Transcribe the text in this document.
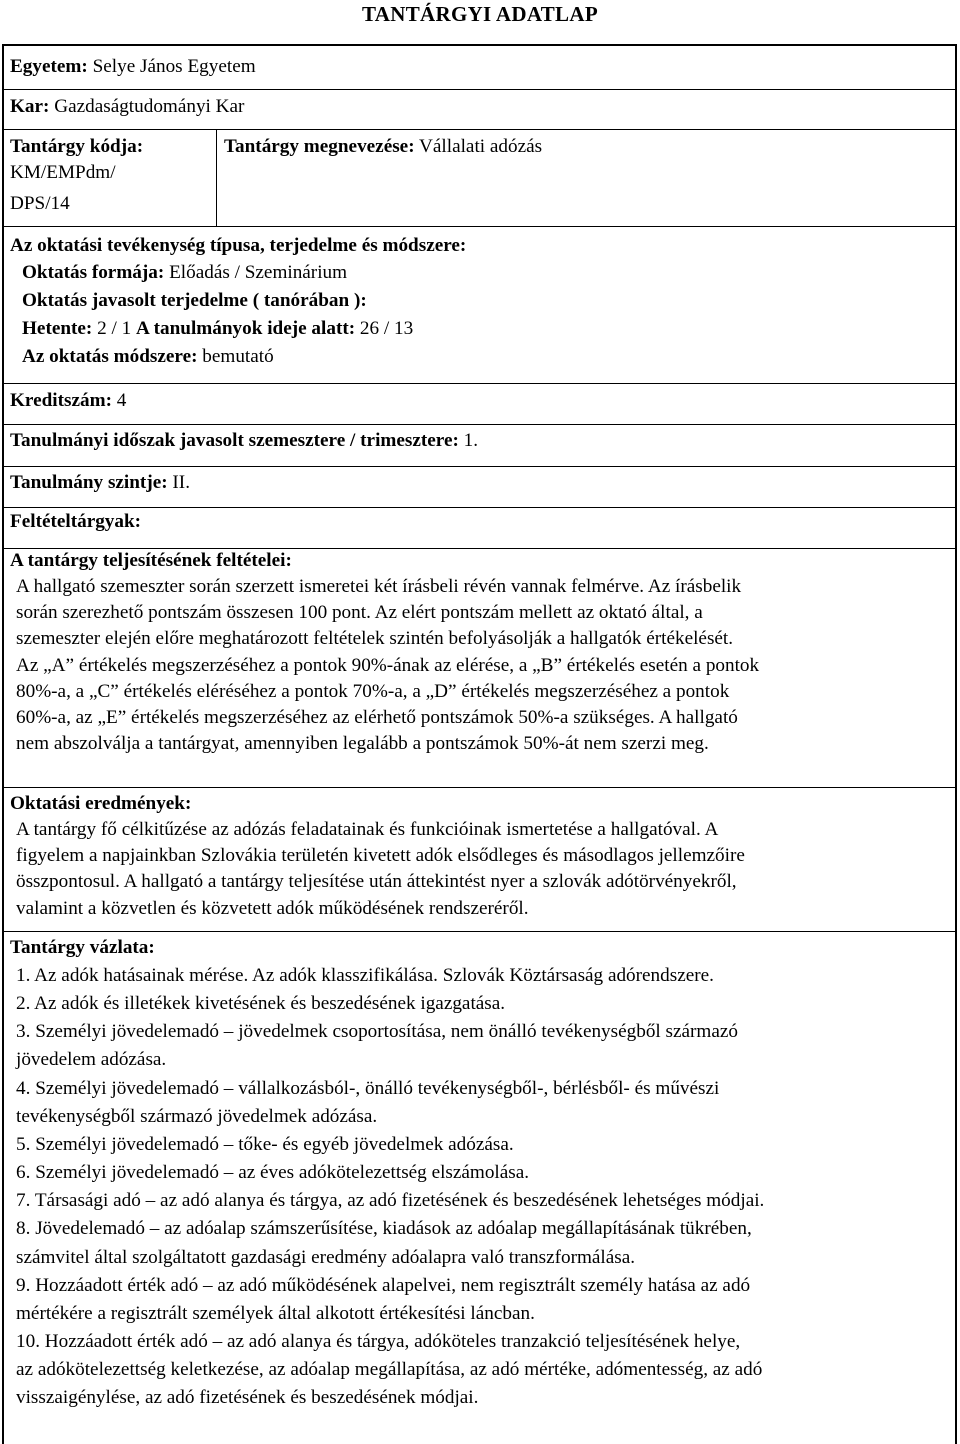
TANTÁRGYI ADATLAP
Egyetem: Selye János Egyetem
Kar: Gazdaságtudományi Kar
Tantárgy kódja:
KM/EMPdm/
DPS/14
Tantárgy megnevezése: Vállalati adózás
Az oktatási tevékenység típusa, terjedelme és módszere:
Oktatás formája: Előadás / Szeminárium
Oktatás javasolt terjedelme ( tanórában ):
Hetente: 2 / 1 A tanulmányok ideje alatt: 26 / 13
Az oktatás módszere: bemutató
Kreditszám: 4
Tanulmányi időszak javasolt szemesztere / trimesztere: 1.
Tanulmány szintje: II.
Feltételtárgyak:
A tantárgy teljesítésének feltételei:
A hallgató szemeszter során szerzett ismeretei két írásbeli révén vannak felmérve. Az írásbelik
során szerezhető pontszám összesen 100 pont. Az elért pontszám mellett az oktató által, a
szemeszter elején előre meghatározott feltételek szintén befolyásolják a hallgatók értékelését.
Az „A” értékelés megszerzéséhez a pontok 90%-ának az elérése, a „B” értékelés esetén a pontok
80%-a, a „C” értékelés eléréséhez a pontok 70%-a, a „D” értékelés megszerzéséhez a pontok
60%-a, az „E” értékelés megszerzéséhez az elérhető pontszámok 50%-a szükséges. A hallgató
nem abszolválja a tantárgyat, amennyiben legalább a pontszámok 50%-át nem szerzi meg.
Oktatási eredmények:
A tantárgy fő célkitűzése az adózás feladatainak és funkcióinak ismertetése a hallgatóval. A
figyelem a napjainkban Szlovákia területén kivetett adók elsődleges és másodlagos jellemzőire
összpontosul. A hallgató a tantárgy teljesítése után áttekintést nyer a szlovák adótörvényekről,
valamint a közvetlen és közvetett adók működésének rendszeréről.
Tantárgy vázlata:
1. Az adók hatásainak mérése. Az adók klasszifikálása. Szlovák Köztársaság adórendszere.
2. Az adók és illetékek kivetésének és beszedésének igazgatása.
3. Személyi jövedelemadó – jövedelmek csoportosítása, nem önálló tevékenységből származó
jövedelem adózása.
4. Személyi jövedelemadó – vállalkozásból-, önálló tevékenységből-, bérlésből- és művészi
tevékenységből származó jövedelmek adózása.
5. Személyi jövedelemadó – tőke- és egyéb jövedelmek adózása.
6. Személyi jövedelemadó – az éves adókötelezettség elszámolása.
7. Társasági adó – az adó alanya és tárgya, az adó fizetésének és beszedésének lehetséges módjai.
8. Jövedelemadó – az adóalap számszerűsítése, kiadások az adóalap megállapításának tükrében,
számvitel által szolgáltatott gazdasági eredmény adóalapra való transzformálása.
9. Hozzáadott érték adó – az adó működésének alapelvei, nem regisztrált személy hatása az adó
mértékére a regisztrált személyek által alkotott értékesítési láncban.
10. Hozzáadott érték adó – az adó alanya és tárgya, adóköteles tranzakció teljesítésének helye,
az adókötelezettség keletkezése, az adóalap megállapítása, az adó mértéke, adómentesség, az adó
visszaigénylése, az adó fizetésének és beszedésének módjai.
